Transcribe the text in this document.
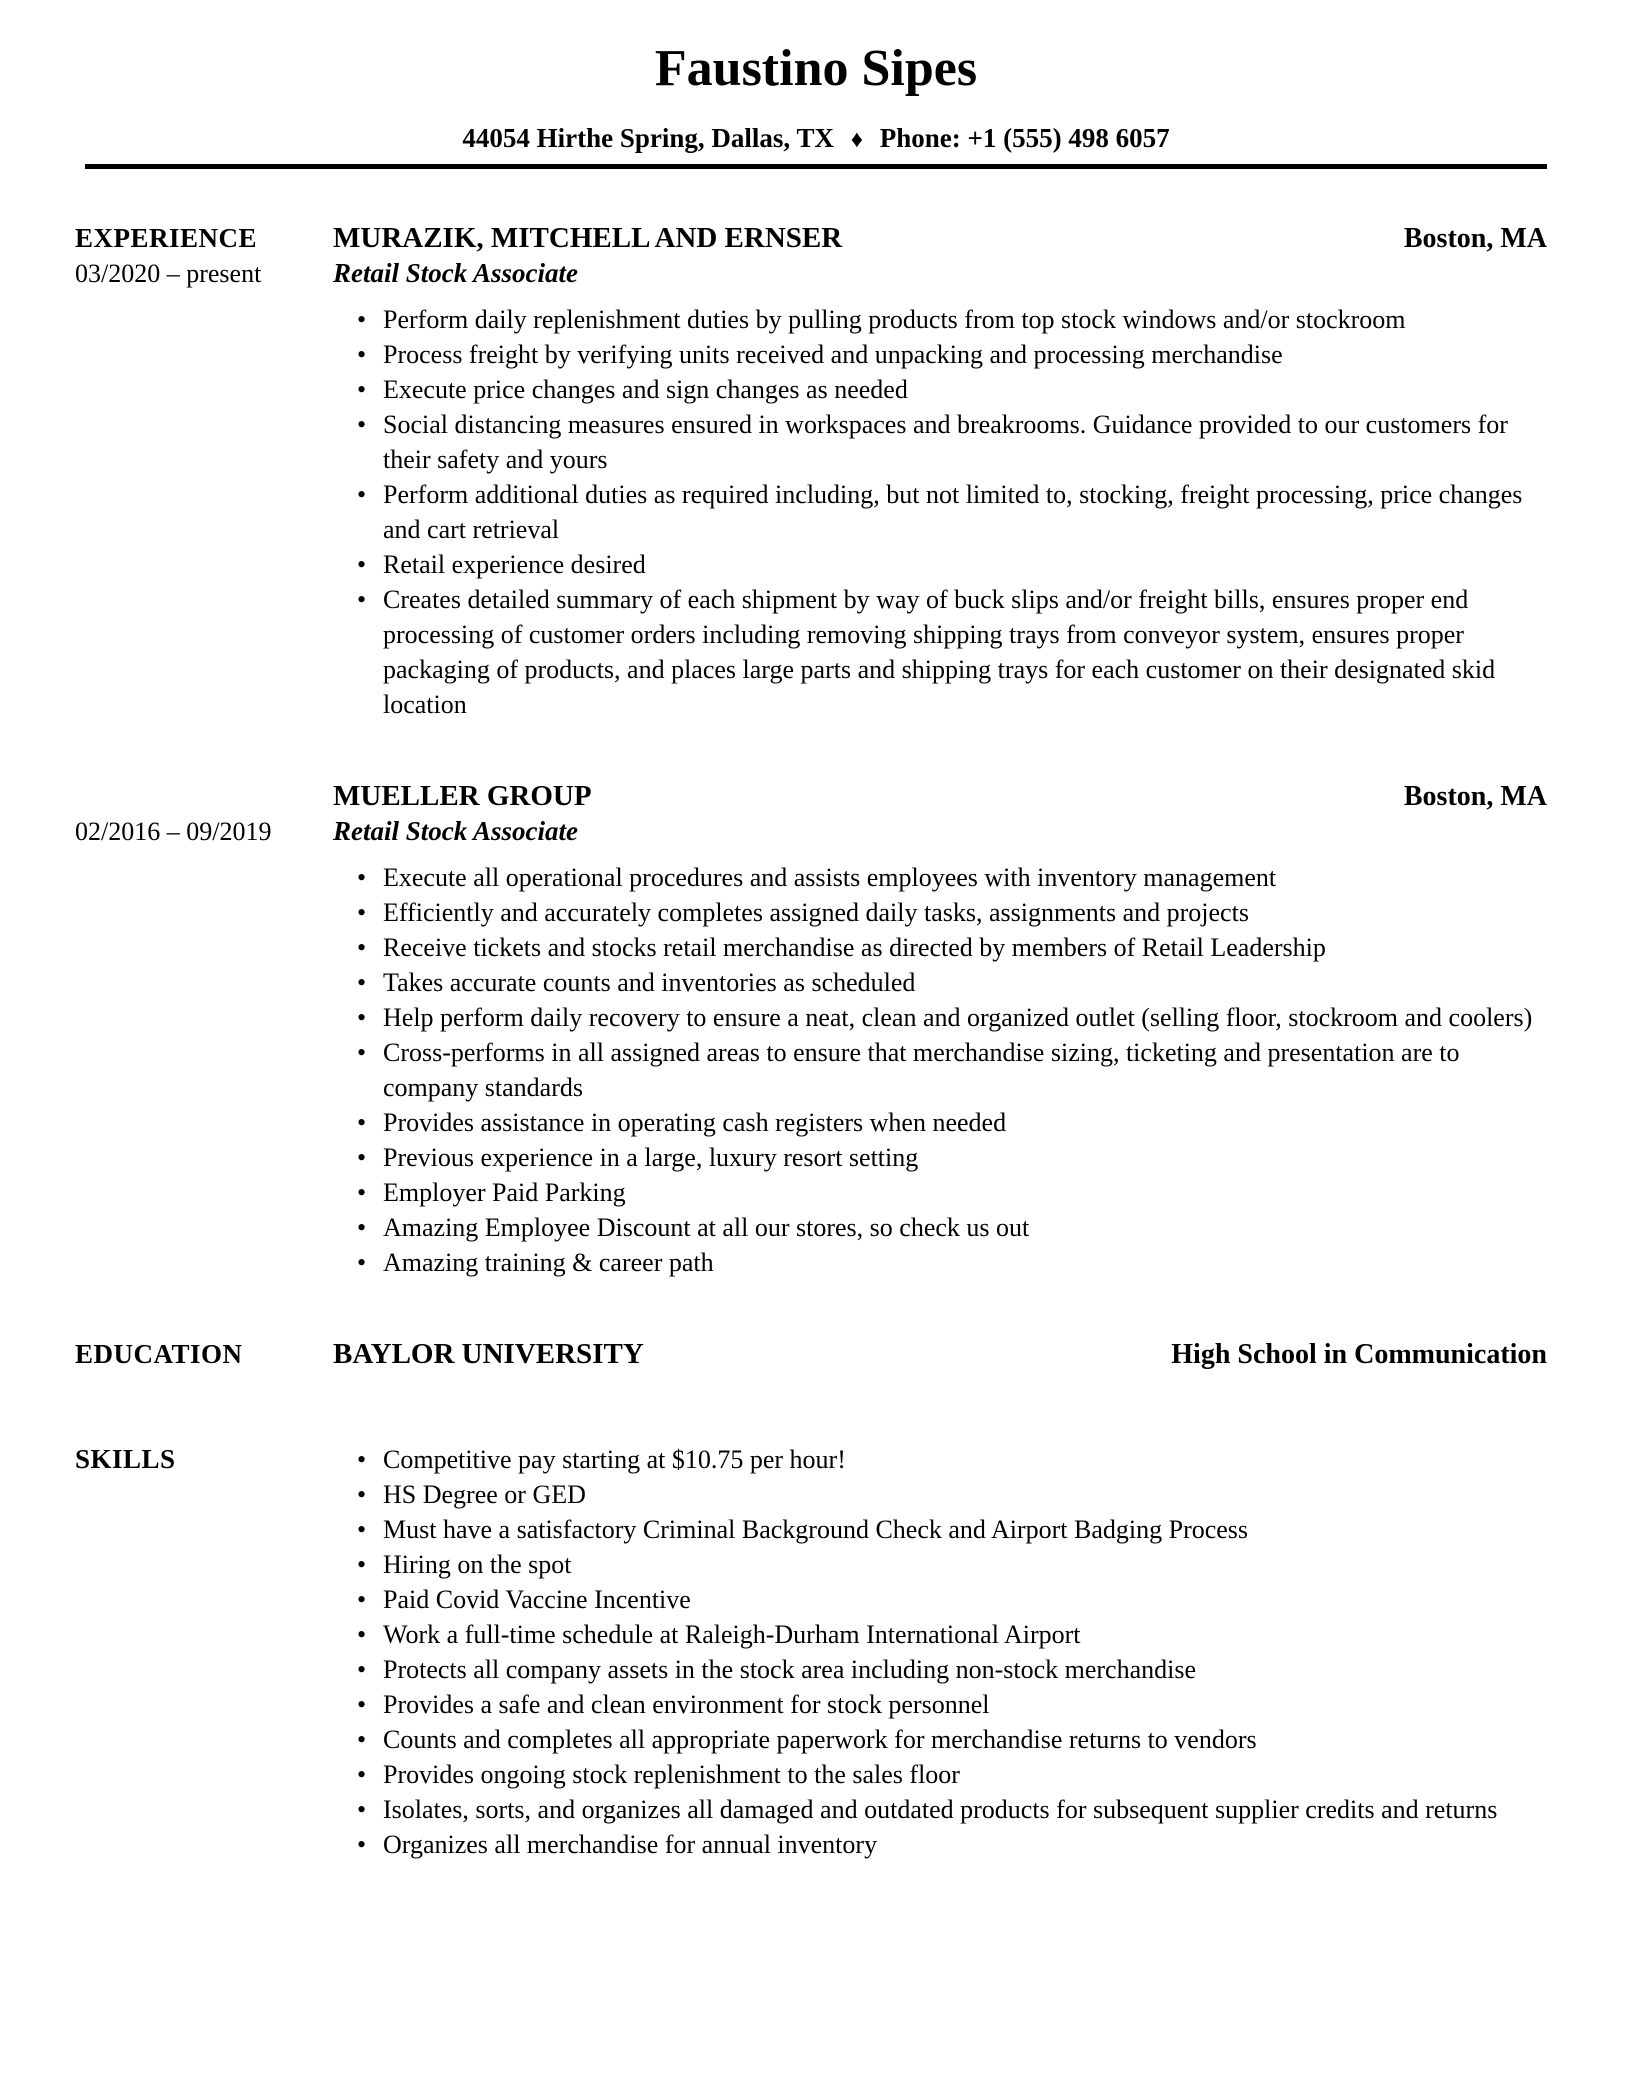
Faustino Sipes
44054 Hirthe Spring, Dallas, TX ♦ Phone: +1 (555) 498 6057
EXPERIENCE
03/2020 – present
MURAZIK, MITCHELL AND ERNSER	Boston, MA
Retail Stock Associate
• Perform daily replenishment duties by pulling products from top stock windows and/or stockroom
• Process freight by verifying units received and unpacking and processing merchandise
• Execute price changes and sign changes as needed
• Social distancing measures ensured in workspaces and breakrooms. Guidance provided to our customers for their safety and yours
• Perform additional duties as required including, but not limited to, stocking, freight processing, price changes and cart retrieval
• Retail experience desired
• Creates detailed summary of each shipment by way of buck slips and/or freight bills, ensures proper end processing of customer orders including removing shipping trays from conveyor system, ensures proper packaging of products, and places large parts and shipping trays for each customer on their designated skid location
02/2016 – 09/2019
MUELLER GROUP	Boston, MA
Retail Stock Associate
• Execute all operational procedures and assists employees with inventory management
• Efficiently and accurately completes assigned daily tasks, assignments and projects
• Receive tickets and stocks retail merchandise as directed by members of Retail Leadership
• Takes accurate counts and inventories as scheduled
• Help perform daily recovery to ensure a neat, clean and organized outlet (selling floor, stockroom and coolers)
• Cross-performs in all assigned areas to ensure that merchandise sizing, ticketing and presentation are to company standards
• Provides assistance in operating cash registers when needed
• Previous experience in a large, luxury resort setting
• Employer Paid Parking
• Amazing Employee Discount at all our stores, so check us out
• Amazing training & career path
EDUCATION	BAYLOR UNIVERSITY	High School in Communication
SKILLS	• Competitive pay starting at $10.75 per hour!
• HS Degree or GED
• Must have a satisfactory Criminal Background Check and Airport Badging Process
• Hiring on the spot
• Paid Covid Vaccine Incentive
• Work a full-time schedule at Raleigh-Durham International Airport
• Protects all company assets in the stock area including non-stock merchandise
• Provides a safe and clean environment for stock personnel
• Counts and completes all appropriate paperwork for merchandise returns to vendors
• Provides ongoing stock replenishment to the sales floor
• Isolates, sorts, and organizes all damaged and outdated products for subsequent supplier credits and returns
• Organizes all merchandise for annual inventory
